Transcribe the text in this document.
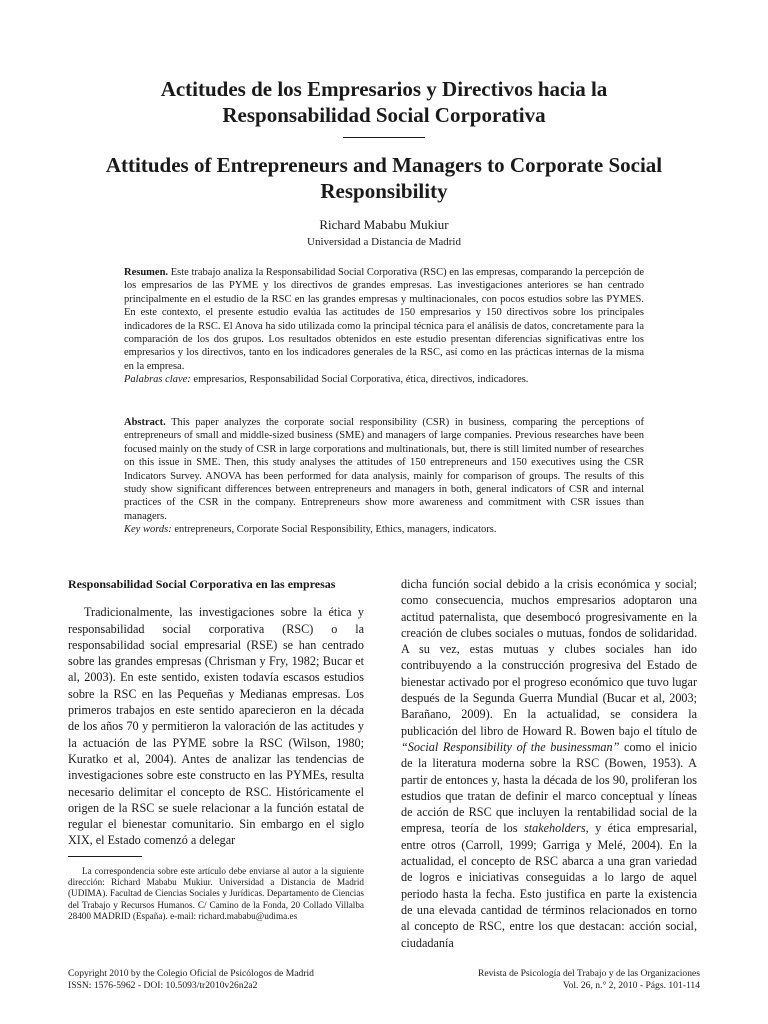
Actitudes de los Empresarios y Directivos hacia la
Responsabilidad Social Corporativa
Attitudes of Entrepreneurs and Managers to Corporate Social
Responsibility
Richard Mababu Mukiur
Universidad a Distancia de Madrid

Resumen. Este trabajo analiza la Responsabilidad Social Corporativa (RSC) en las empresas, comparando la percepción de los empresarios de las PYME y los directivos de grandes empresas. Las investigaciones anteriores se han centrado principalmente en el estudio de la RSC en las grandes empresas y multinacionales, con pocos estudios sobre las PYMES. En este contexto, el presente estudio evalúa las actitudes de 150 empresarios y 150 directivos sobre los principales indicadores de la RSC. El Anova ha sido utilizada como la principal técnica para el análisis de datos, concretamente para la comparación de los dos grupos. Los resultados obtenidos en este estudio presentan diferencias significativas entre los empresarios y los directivos, tanto en los indicadores generales de la RSC, así como en las prácticas internas de la misma en la empresa.

Palabras clave: empresarios, Responsabilidad Social Corporativa, ética, directivos, indicadores.

Abstract. This paper analyzes the corporate social responsibility (CSR) in business, comparing the perceptions of entrepreneurs of small and middle-sized business (SME) and managers of large companies. Previous researches have been focused mainly on the study of CSR in large corporations and multinationals, but, there is still limited number of researches on this issue in SME. Then, this study analyses the attitudes of 150 entrepreneurs and 150 executives using the CSR Indicators Survey. ANOVA has been performed for data analysis, mainly for comparison of groups. The results of this study show significant differences between entrepreneurs and managers in both, general indicators of CSR and internal practices of the CSR in the company. Entrepreneurs show more awareness and commitment with CSR issues than managers.

Key words: entrepreneurs, Corporate Social Responsibility, Ethics, managers, indicators.

Responsabilidad Social Corporativa en las empresas

Tradicionalmente, las investigaciones sobre la ética y responsabilidad social corporativa (RSC) o la responsabilidad social empresarial (RSE) se han centrado sobre las grandes empresas (Chrisman y Fry, 1982; Bucar et al, 2003). En este sentido, existen todavía escasos estudios sobre la RSC en las Pequeñas y Medianas empresas. Los primeros trabajos en este sentido aparecieron en la década de los años 70 y permitieron la valoración de las actitudes y la actuación de las PYME sobre la RSC (Wilson, 1980; Kuratko et al, 2004). Antes de analizar las tendencias de investigaciones sobre este constructo en las PYMEs, resulta necesario delimitar el concepto de RSC. Históricamente el origen de la RSC se suele relacionar a la función estatal de regular el bienestar comunitario. Sin embargo en el siglo XIX, el Estado comenzó a delegar

dicha función social debido a la crisis económica y social; como consecuencia, muchos empresarios adoptaron una actitud paternalista, que desembocó progresivamente en la creación de clubes sociales o mutuas, fondos de solidaridad. A su vez, estas mutuas y clubes sociales han ido contribuyendo a la construcción progresiva del Estado de bienestar activado por el progreso económico que tuvo lugar después de la Segunda Guerra Mundial (Bucar et al, 2003; Barañano, 2009). En la actualidad, se considera la publicación del libro de Howard R. Bowen bajo el título de “Social Responsibility of the businessman” como el inicio de la literatura moderna sobre la RSC (Bowen, 1953). A partir de entonces y, hasta la década de los 90, proliferan los estudios que tratan de definir el marco conceptual y líneas de acción de RSC que incluyen la rentabilidad social de la empresa, teoría de los stakeholders, y ética empresarial, entre otros (Carroll, 1999; Garriga y Melé, 2004). En la actualidad, el concepto de RSC abarca a una gran variedad de logros e iniciativas conseguidas a lo largo de aquel periodo hasta la fecha. Esto justifica en parte la existencia de una elevada cantidad de términos relacionados en torno al concepto de RSC, entre los que destacan: acción social, ciudadanía

La correspondencia sobre este artículo debe enviarse al autor a la siguiente dirección: Richard Mababu Mukiur. Universidad a Distancia de Madrid (UDIMA). Facultad de Ciencias Sociales y Jurídicas. Departamento de Ciencias del Trabajo y Recursos Humanos. C/ Camino de la Fonda, 20 Collado Villalba 28400 MADRID (España). e-mail: richard.mababu@udima.es

Copyright 2010 by the Colegio Oficial de Psicólogos de Madrid
ISSN: 1576-5962 - DOI: 10.5093/tr2010v26n2a2
Revista de Psicología del Trabajo y de las Organizaciones
Vol. 26, n.° 2, 2010 - Págs. 101-114
